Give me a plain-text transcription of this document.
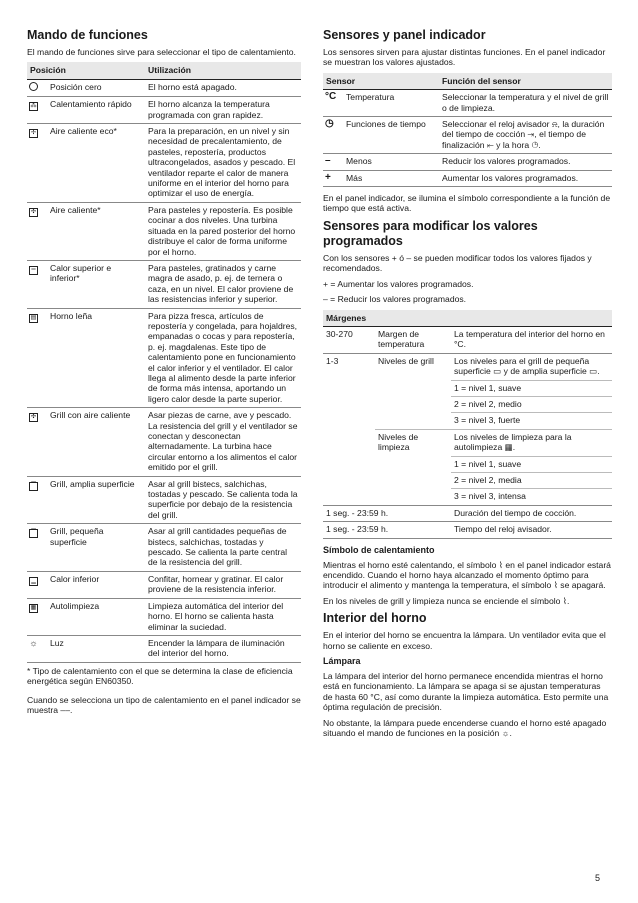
Mando de funciones

El mando de funciones sirve para seleccionar el tipo de calentamiento.

Posición		Utilización
	Posición cero	El horno está apagado.
⁂	Calentamiento rápido	El horno alcanza la temperatura programada con gran rapidez.
✢	Aire caliente eco*	Para la preparación, en un nivel y sin necesidad de precalentamiento, de pasteles, repostería, productos ultracongelados, asados y pescado. El ventilador reparte el calor de manera uniforme en el interior del horno para optimizar el uso de energía.
✣	Aire caliente*	Para pasteles y repostería. Es posible cocinar a dos niveles. Una turbina situada en la pared posterior del horno distribuye el calor de forma uniforme por el horno.
═	Calor superior e inferior*	Para pasteles, gratinados y carne magra de asado, p. ej. de ternera o caza, en un nivel. El calor proviene de las resistencias inferior y superior.
▤	Horno leña	Para pizza fresca, artículos de repostería y congelada, para hojaldres, empanadas o cocas y para repostería, p. ej. magdalenas. Este tipo de calentamiento pone en funcionamiento el calor inferior y el ventilador. El calor llega al alimento desde la parte inferior de forma más intensa, aportando un ligero calor desde la parte superior.
✣	Grill con aire caliente	Asar piezas de carne, ave y pescado. La resistencia del grill y el ventilador se conectan y desconectan alternadamente. La turbina hace circular entorno a los alimentos el calor emitido por el grill.
▔	Grill, amplia superficie	Asar al grill bistecs, salchichas, tostadas y pescado. Se calienta toda la superficie por debajo de la resistencia del grill.
▔	Grill, pequeña superficie	Asar al grill cantidades pequeñas de bistecs, salchichas, tostadas y pescado. Se calienta la parte central de la resistencia del grill.
▁	Calor inferior	Confitar, hornear y gratinar. El calor proviene de la resistencia inferior.
▦	Autolimpieza	Limpieza automática del interior del horno. El horno se calienta hasta eliminar la suciedad.
☼	Luz	Encender la lámpara de iluminación del interior del horno.

* Tipo de calentamiento con el que se determina la clase de eficiencia energética según EN60350.

Cuando se selecciona un tipo de calentamiento en el panel indicador se muestra ‒‒.

Sensores y panel indicador

Los sensores sirven para ajustar distintas funciones. En el panel indicador se muestran los valores ajustados.

Sensor		Función del sensor
°C	Temperatura	Seleccionar la temperatura y el nivel de grill o de limpieza.
◷	Funciones de tiempo	Seleccionar el reloj avisador ⍾, la duración del tiempo de cocción ⇥, el tiempo de finalización ⇤ y la hora ◷.
–	Menos	Reducir los valores programados.
+	Más	Aumentar los valores programados.

En el panel indicador, se ilumina el símbolo correspondiente a la función de tiempo que está activa.

Sensores para modificar los valores programados

Con los sensores + ó – se pueden modificar todos los valores fijados y recomendados.

+ = Aumentar los valores programados.

– = Reducir los valores programados.

Márgenes		
30-270	Margen de temperatura	La temperatura del interior del horno en °C.
1-3	Niveles de grill	Los niveles para el grill de pequeña superficie ▭ y de amplia superficie ▭.
		1 = nivel 1, suave
		2 = nivel 2, medio
		3 = nivel 3, fuerte
	Niveles de limpieza	Los niveles de limpieza para la autolimpieza ▦.
		1 = nivel 1, suave
		2 = nivel 2, media
		3 = nivel 3, intensa
1 seg. - 23:59 h.		Duración del tiempo de cocción.
1 seg. - 23:59 h.		Tiempo del reloj avisador.
Símbolo de calentamiento

Mientras el horno esté calentando, el símbolo ⌇ en el panel indicador estará encendido. Cuando el horno haya alcanzado el momento óptimo para introducir el alimento y mantenga la temperatura, el símbolo ⌇ se apagará.

En los niveles de grill y limpieza nunca se enciende el símbolo ⌇.

Interior del horno

En el interior del horno se encuentra la lámpara. Un ventilador evita que el horno se caliente en exceso.

Lámpara

La lámpara del interior del horno permanece encendida mientras el horno está en funcionamiento. La lámpara se apaga si se ajustan temperaturas de hasta 60 °C, así como durante la limpieza automática. Esto permite una óptima regulación de precisión.

No obstante, la lámpara puede encenderse cuando el horno esté apagado situando el mando de funciones en la posición ☼.

5
